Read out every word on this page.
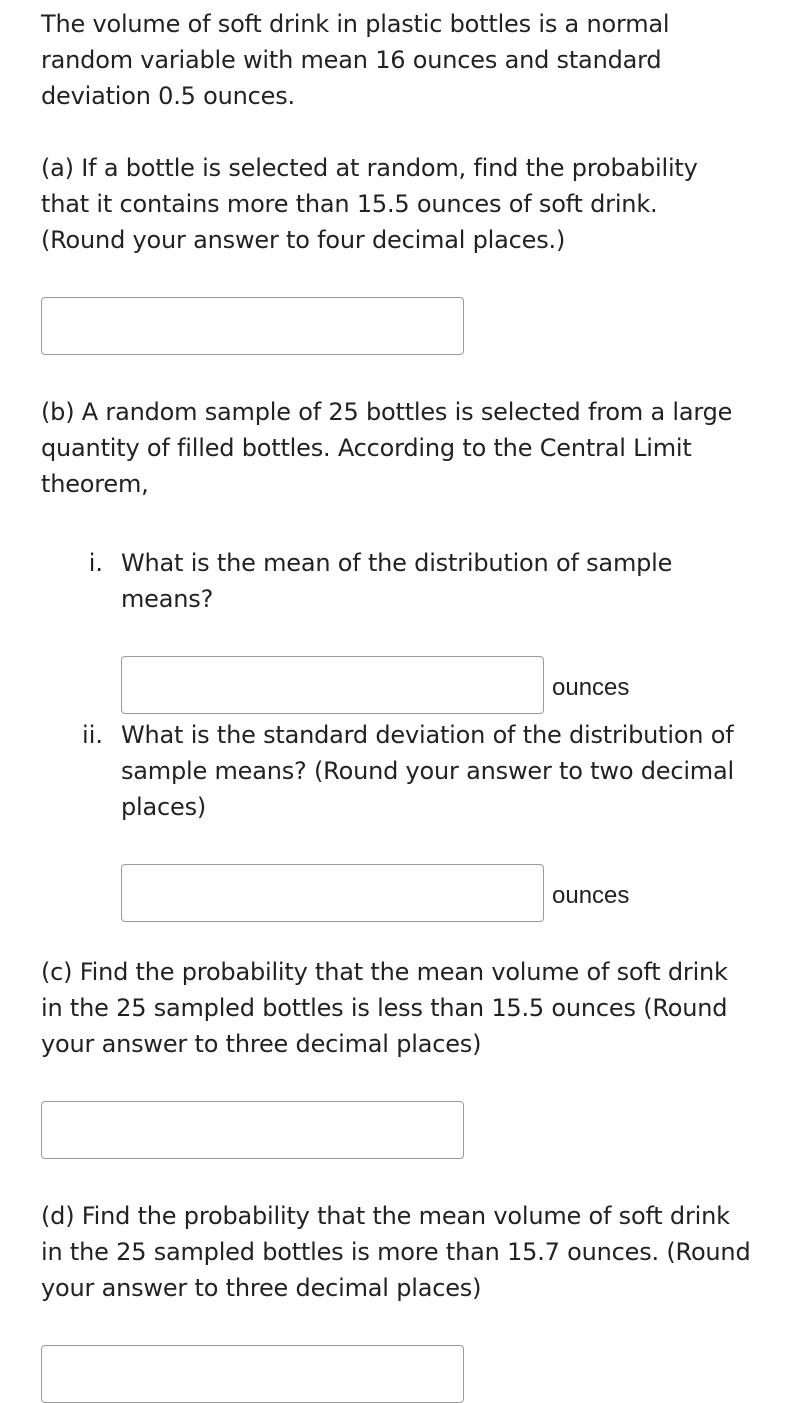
The volume of soft drink in plastic bottles is a normal
random variable with mean 16 ounces and standard
deviation 0.5 ounces.

(a) If a bottle is selected at random, find the probability
that it contains more than 15.5 ounces of soft drink.
(Round your answer to four decimal places.)

(b) A random sample of 25 bottles is selected from a large
quantity of filled bottles. According to the Central Limit
theorem,

i. What is the mean of the distribution of sample
means?

ounces
ii. What is the standard deviation of the distribution of
sample means? (Round your answer to two decimal
places)

ounces

(c) Find the probability that the mean volume of soft drink
in the 25 sampled bottles is less than 15.5 ounces (Round
your answer to three decimal places)

(d) Find the probability that the mean volume of soft drink
in the 25 sampled bottles is more than 15.7 ounces. (Round
your answer to three decimal places)
